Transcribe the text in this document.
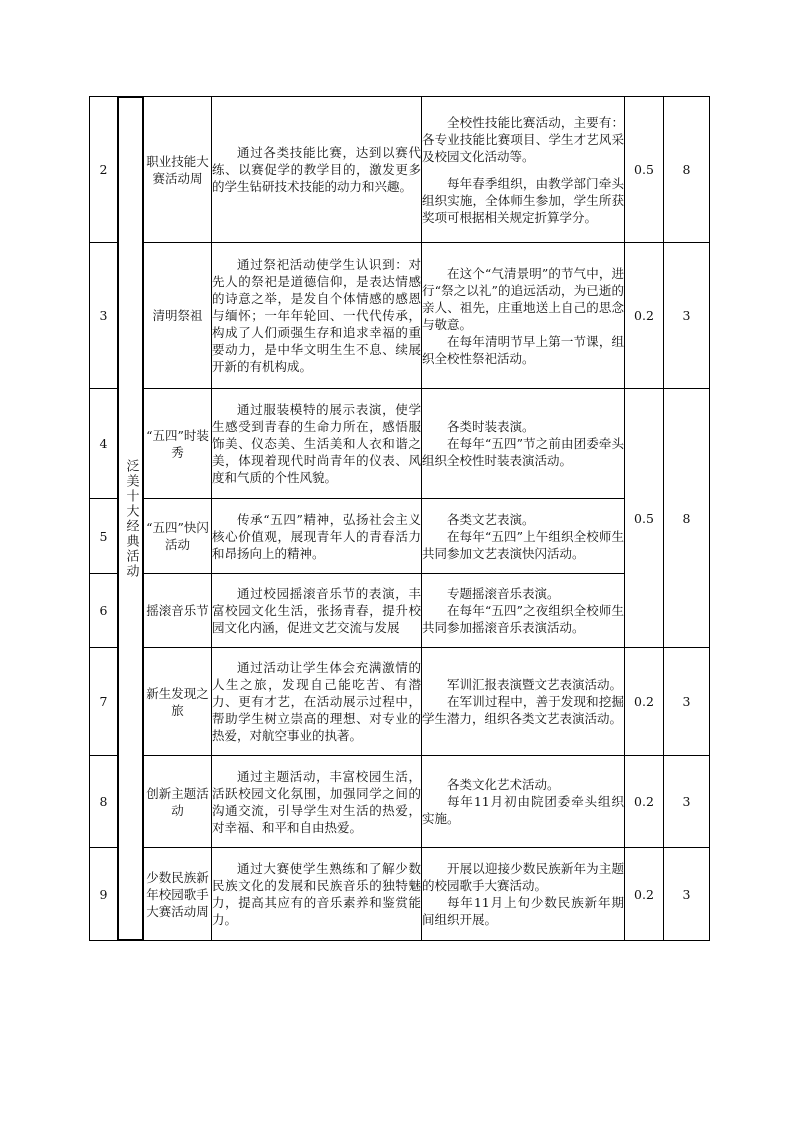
2	泛美十大经典活动	职业技能大赛活动周	通过各类技能比赛，达到以赛代练、以赛促学的教学目的，激发更多的学生钻研技术技能的动力和兴趣。	全校性技能比赛活动，主要有：各专业技能比赛项目、学生才艺风采及校园文化活动等。
每年春季组织，由教学部门牵头组织实施，全体师生参加，学生所获奖项可根据相关规定折算学分。	0.5	8
3		清明祭祖	通过祭祀活动使学生认识到：对先人的祭祀是道德信仰，是表达情感的诗意之举，是发自个体情感的感恩与缅怀；一年年轮回、一代代传承，构成了人们顽强生存和追求幸福的重要动力，是中华文明生生不息、续展开新的有机构成。	在这个“气清景明”的节气中，进行“祭之以礼”的追远活动，为已逝的亲人、祖先，庄重地送上自己的思念与敬意。
在每年清明节早上第一节课，组织全校性祭祀活动。	0.2	3
4		“五四”时装秀	通过服装模特的展示表演，使学生感受到青春的生命力所在，感悟服饰美、仪态美、生活美和人衣和谐之美，体现着现代时尚青年的仪表、风度和气质的个性风貌。	各类时装表演。
在每年“五四”节之前由团委牵头组织全校性时装表演活动。	0.5	8
5		“五四”快闪活动	传承“五四”精神，弘扬社会主义核心价值观，展现青年人的青春活力和昂扬向上的精神。	各类文艺表演。
在每年“五四”上午组织全校师生共同参加文艺表演快闪活动。		

6		摇滚音乐节	通过校园摇滚音乐节的表演，丰富校园文化生活，张扬青春，提升校园文化内涵，促进文艺交流与发展	专题摇滚音乐表演。
在每年“五四”之夜组织全校师生共同参加摇滚音乐表演活动。		

7		新生发现之旅	通过活动让学生体会充满激情的人生之旅，发现自己能吃苦、有潜力、更有才艺，在活动展示过程中，帮助学生树立崇高的理想、对专业的热爱，对航空事业的执著。	军训汇报表演暨文艺表演活动。
在军训过程中，善于发现和挖掘学生潜力，组织各类文艺表演活动。	0.2	3
8		创新主题活动	通过主题活动，丰富校园生活，活跃校园文化氛围，加强同学之间的沟通交流，引导学生对生活的热爱，对幸福、和平和自由热爱。	各类文化艺术活动。
每年11月初由院团委牵头组织实施。	0.2	3
9		少数民族新年校园歌手大赛活动周	通过大赛使学生熟练和了解少数民族文化的发展和民族音乐的独特魅力，提高其应有的音乐素养和鉴赏能力。	开展以迎接少数民族新年为主题的校园歌手大赛活动。
每年11月上旬少数民族新年期间组织开展。	0.2	3
